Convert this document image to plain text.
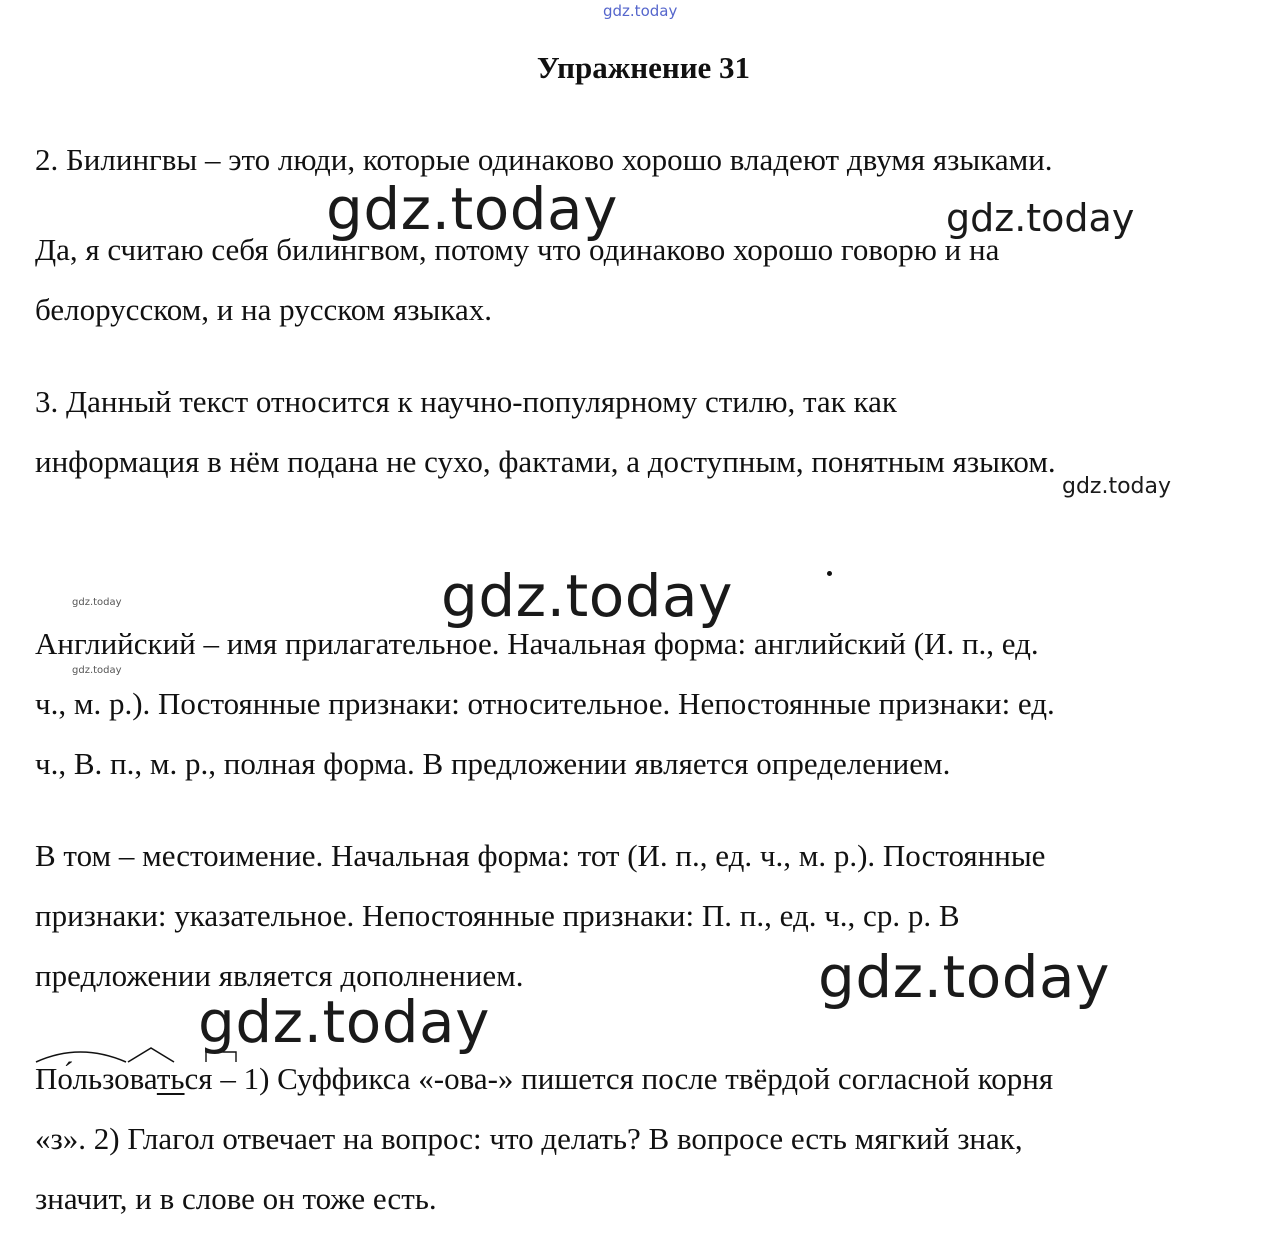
gdz.today
Упражнение 31

2. Билингвы – это люди, которые одинаково хорошо владеют двумя языками.

Да, я считаю себя билингвом, потому что одинаково хорошо говорю и на
белорусском, и на русском языках.

3. Данный текст относится к научно-популярному стилю, так как
информация в нём подана не сухо, фактами, а доступным, понятным языком.

Английский – имя прилагательное. Начальная форма: английский (И. п., ед.
ч., м. р.). Постоянные признаки: относительное. Непостоянные признаки: ед.
ч., В. п., м. р., полная форма. В предложении является определением.

В том – местоимение. Начальная форма: тот (И. п., ед. ч., м. р.). Постоянные
признаки: указательное. Непостоянные признаки: П. п., ед. ч., ср. р. В
предложении является дополнением.

По́льзоваться – 1) Суффикса «-ова-» пишется после твёрдой согласной корня
«з». 2) Глагол отвечает на вопрос: что делать? В вопросе есть мягкий знак,
значит, и в слове он тоже есть.

gdz.today	gdz.today
gdz.today
gdz.today	gdz.today
gdz.today
gdz.today
gdz.today
